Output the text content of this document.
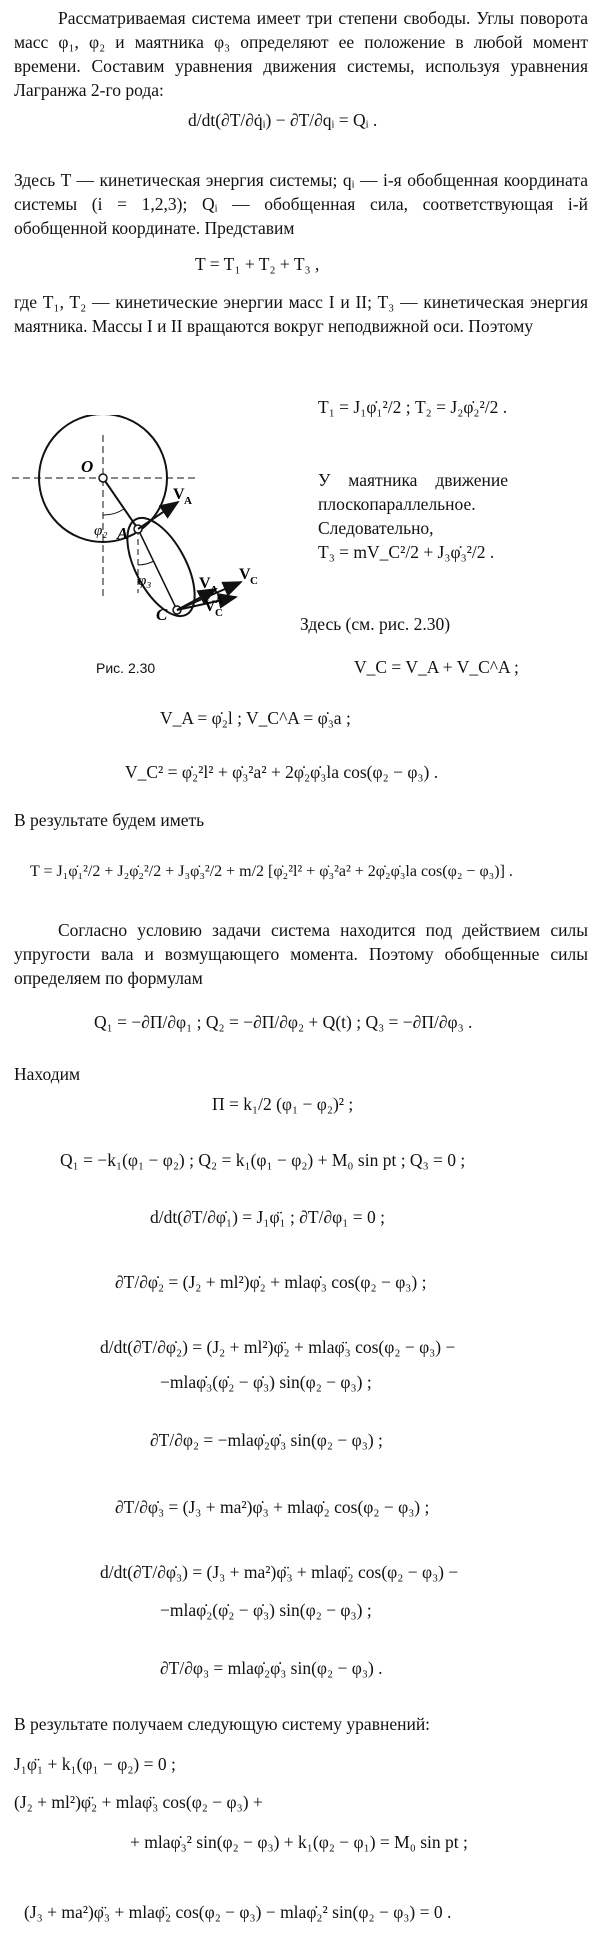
Рассматриваемая система имеет три степени свободы. Углы поворота масс φ₁, φ₂ и маятника φ₃ определяют ее положение в любой момент времени. Составим уравнения движения системы, используя уравнения Лагранжа 2-го рода:

d/dt(∂T/∂q̇ᵢ) − ∂T/∂qᵢ = Qᵢ .

Здесь T — кинетическая энергия системы; qᵢ — i-я обобщенная координата системы (i = 1,2,3); Qᵢ — обобщенная сила, соответствующая i-й обобщенной координате. Представим

T = T₁ + T₂ + T₃ ,

где T₁, T₂ — кинетические энергии масс I и II; T₃ — кинетическая энергия маятника. Массы I и II вращаются вокруг неподвижной оси. Поэтому

T₁ = J₁φ̇₁²/2 ; T₂ = J₂φ̇₂²/2 .

У маятника движение плоскопараллельное. Следовательно,

T₃ = mV_C²/2 + J₃φ̇₃²/2 .

Здесь (см. рис. 2.30)

V_C = V_A + V_C^A ;
V_A = φ̇₂l ; V_C^A = φ̇₃a ;
V_C² = φ̇₂²l² + φ̇₃²a² + 2φ̇₂φ̇₃la cos(φ₂ − φ₃) .

В результате будем иметь

T = J₁φ̇₁²/2 + J₂φ̇₂²/2 + J₃φ̇₃²/2 + m/2 [φ̇₂²l² + φ̇₃²a² + 2φ̇₂φ̇₃la cos(φ₂ − φ₃)] .

Согласно условию задачи система находится под действием силы упругости вала и возмущающего момента. Поэтому обобщенные силы определяем по формулам

Q₁ = −∂П/∂φ₁ ; Q₂ = −∂П/∂φ₂ + Q(t) ; Q₃ = −∂П/∂φ₃ .

Находим

П = k₁/2 (φ₁ − φ₂)² ;
Q₁ = −k₁(φ₁ − φ₂) ; Q₂ = k₁(φ₁ − φ₂) + M₀ sin pt ; Q₃ = 0 ;
d/dt(∂T/∂φ̇₁) = J₁φ̈₁ ; ∂T/∂φ₁ = 0 ;
∂T/∂φ̇₂ = (J₂ + ml²)φ̇₂ + mlaφ̇₃ cos(φ₂ − φ₃) ;
d/dt(∂T/∂φ̇₂) = (J₂ + ml²)φ̈₂ + mlaφ̈₃ cos(φ₂ − φ₃) −
−mlaφ̇₃(φ̇₂ − φ̇₃) sin(φ₂ − φ₃) ;
∂T/∂φ₂ = −mlaφ̇₂φ̇₃ sin(φ₂ − φ₃) ;
∂T/∂φ̇₃ = (J₃ + ma²)φ̇₃ + mlaφ̇₂ cos(φ₂ − φ₃) ;
d/dt(∂T/∂φ̇₃) = (J₃ + ma²)φ̈₃ + mlaφ̈₂ cos(φ₂ − φ₃) −
−mlaφ̇₂(φ̇₂ − φ̇₃) sin(φ₂ − φ₃) ;
∂T/∂φ₃ = mlaφ̇₂φ̇₃ sin(φ₂ − φ₃) .

В результате получаем следующую систему уравнений:

J₁φ̈₁ + k₁(φ₁ − φ₂) = 0 ;
(J₂ + ml²)φ̈₂ + mlaφ̈₃ cos(φ₂ − φ₃) +
+ mlaφ̇₃² sin(φ₂ − φ₃) + k₁(φ₂ − φ₁) = M₀ sin pt ;
(J₃ + ma²)φ̈₃ + mlaφ̈₂ cos(φ₂ − φ₃) − mlaφ̇₂² sin(φ₂ − φ₃) = 0 .
O
A
C
φ₂
φ₃
V A
V C
V A
V C
A
Рис. 2.30
